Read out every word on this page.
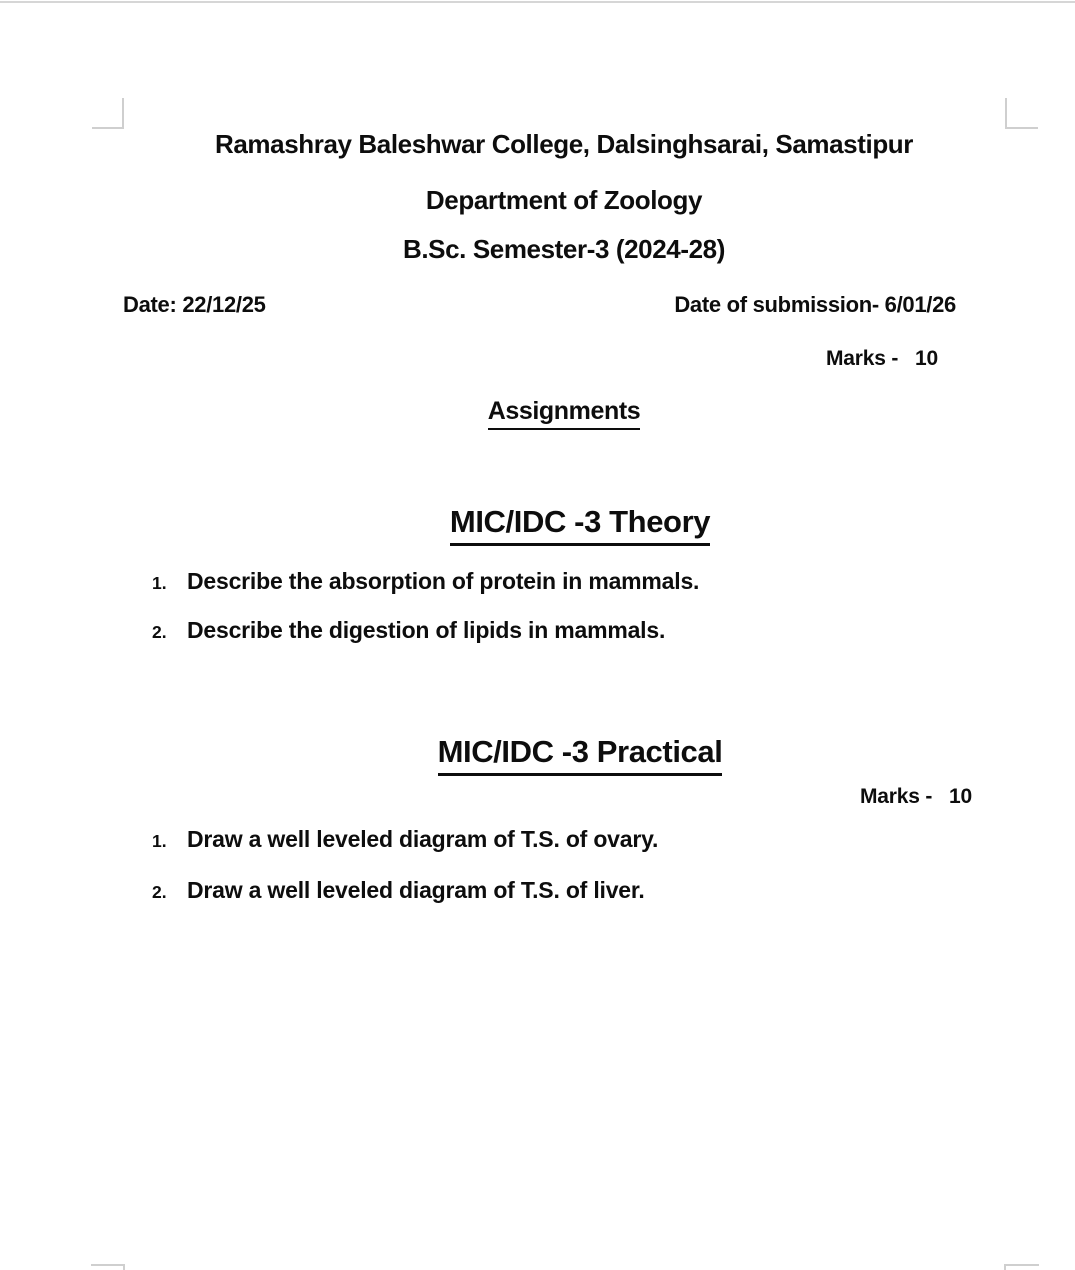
Ramashray Baleshwar College, Dalsinghsarai, Samastipur
Department of Zoology
B.Sc. Semester-3 (2024-28)
Date: 22/12/25	Date of submission- 6/01/26
Marks -   10
Assignments
MIC/IDC -3 Theory
1. Describe the absorption of protein in mammals.
2. Describe the digestion of lipids in mammals.
MIC/IDC -3 Practical
Marks -   10
1. Draw a well leveled diagram of T.S. of ovary.
2. Draw a well leveled diagram of T.S. of liver.
